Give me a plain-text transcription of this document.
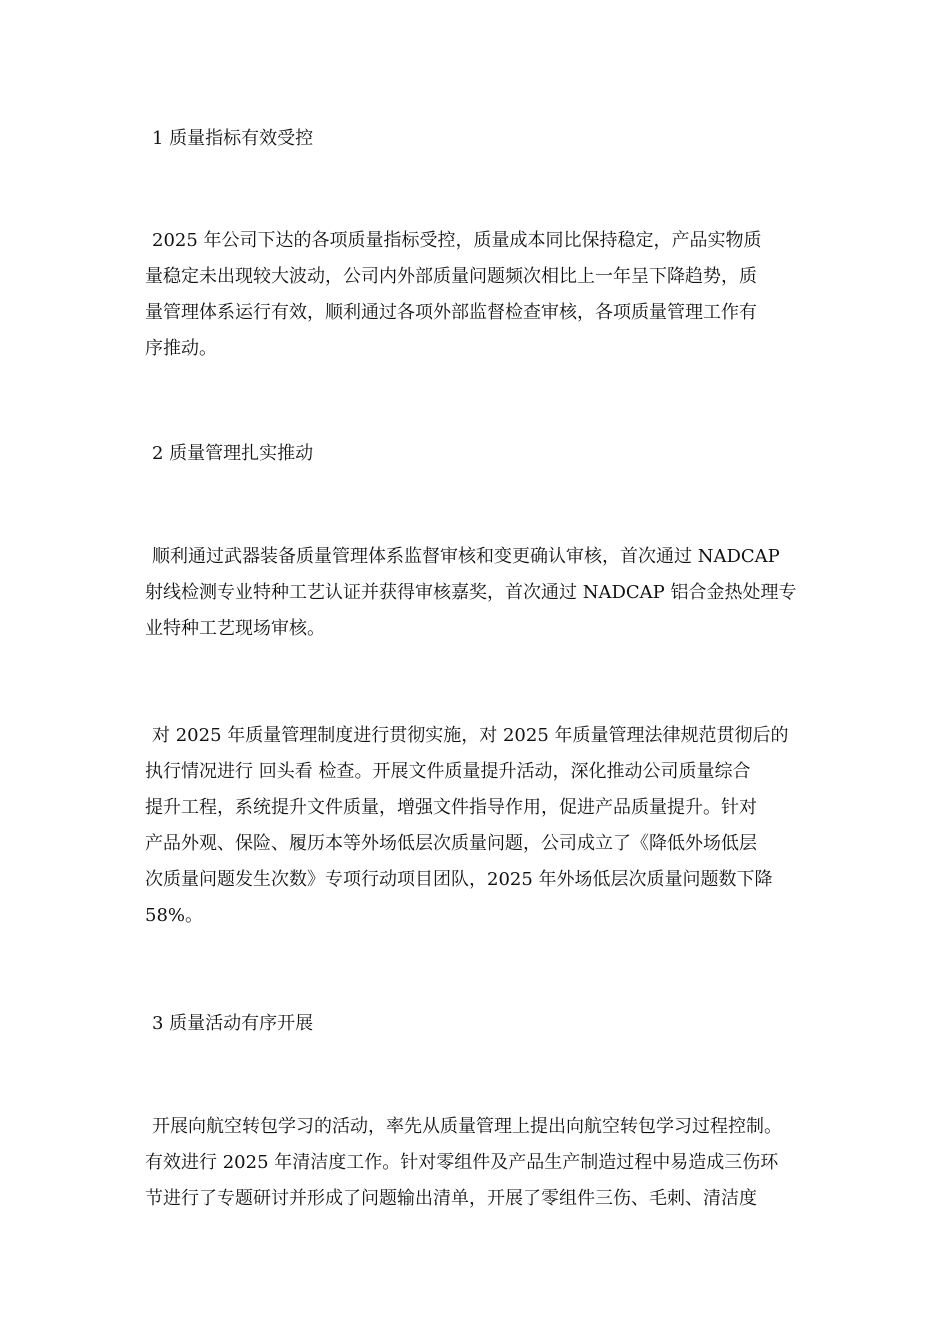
1 质量指标有效受控
2025 年公司下达的各项质量指标受控，质量成本同比保持稳定，产品实物质
量稳定未出现较大波动，公司内外部质量问题频次相比上一年呈下降趋势，质
量管理体系运行有效，顺利通过各项外部监督检查审核，各项质量管理工作有
序推动。
2 质量管理扎实推动
顺利通过武器装备质量管理体系监督审核和变更确认审核，首次通过 NADCAP
射线检测专业特种工艺认证并获得审核嘉奖，首次通过 NADCAP 铝合金热处理专
业特种工艺现场审核。
对 2025 年质量管理制度进行贯彻实施，对 2025 年质量管理法律规范贯彻后的
执行情况进行 回头看 检查。开展文件质量提升活动，深化推动公司质量综合
提升工程，系统提升文件质量，增强文件指导作用，促进产品质量提升。针对
产品外观、保险、履历本等外场低层次质量问题，公司成立了《降低外场低层
次质量问题发生次数》专项行动项目团队，2025 年外场低层次质量问题数下降
58%。
3 质量活动有序开展
开展向航空转包学习的活动，率先从质量管理上提出向航空转包学习过程控制。
有效进行 2025 年清洁度工作。针对零组件及产品生产制造过程中易造成三伤环
节进行了专题研讨并形成了问题输出清单，开展了零组件三伤、毛刺、清洁度
